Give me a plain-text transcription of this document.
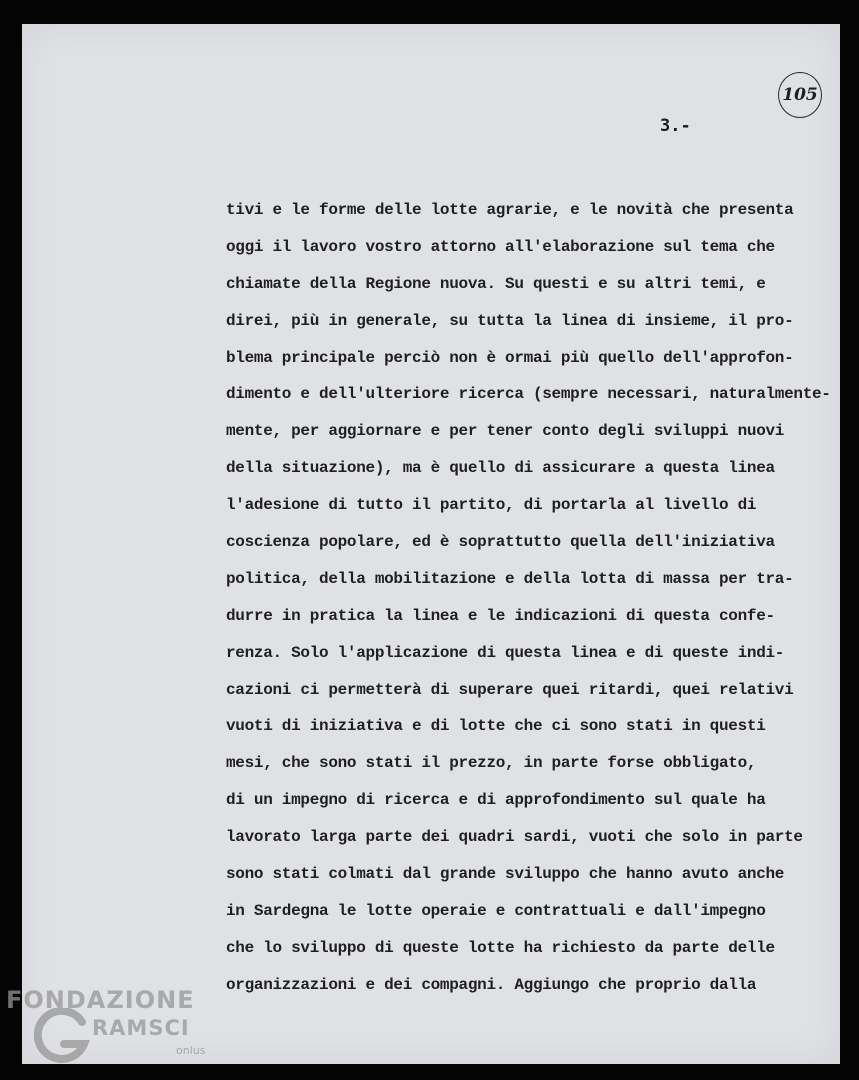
105
3.-
tivi e le forme delle lotte agrarie, e le novità che presenta
oggi il lavoro vostro attorno all'elaborazione sul tema che
chiamate della Regione nuova. Su questi e su altri temi, e
direi, più in generale, su tutta la linea di insieme, il pro-
blema principale perciò non è ormai più quello dell'approfon-
dimento e dell'ulteriore ricerca (sempre necessari, naturalmente-
mente, per aggiornare e per tener conto degli sviluppi nuovi
della situazione), ma è quello di assicurare a questa linea
l'adesione di tutto il partito, di portarla al livello di
coscienza popolare, ed è soprattutto quella dell'iniziativa
politica, della mobilitazione e della lotta di massa per tra-
durre in pratica la linea e le indicazioni di questa confe-
renza. Solo l'applicazione di questa linea e di queste indi-
cazioni ci permetterà di superare quei ritardi, quei relativi
vuoti di iniziativa e di lotte che ci sono stati in questi
mesi, che sono stati il prezzo, in parte forse obbligato,
di un impegno di ricerca e di approfondimento sul quale ha
lavorato larga parte dei quadri sardi, vuoti che solo in parte
sono stati colmati dal grande sviluppo che hanno avuto anche
in Sardegna le lotte operaie e contrattuali e dall'impegno
che lo sviluppo di queste lotte ha richiesto da parte delle
organizzazioni e dei compagni. Aggiungo che proprio dalla
FONDAZIONE
RAMSCI
onlus
